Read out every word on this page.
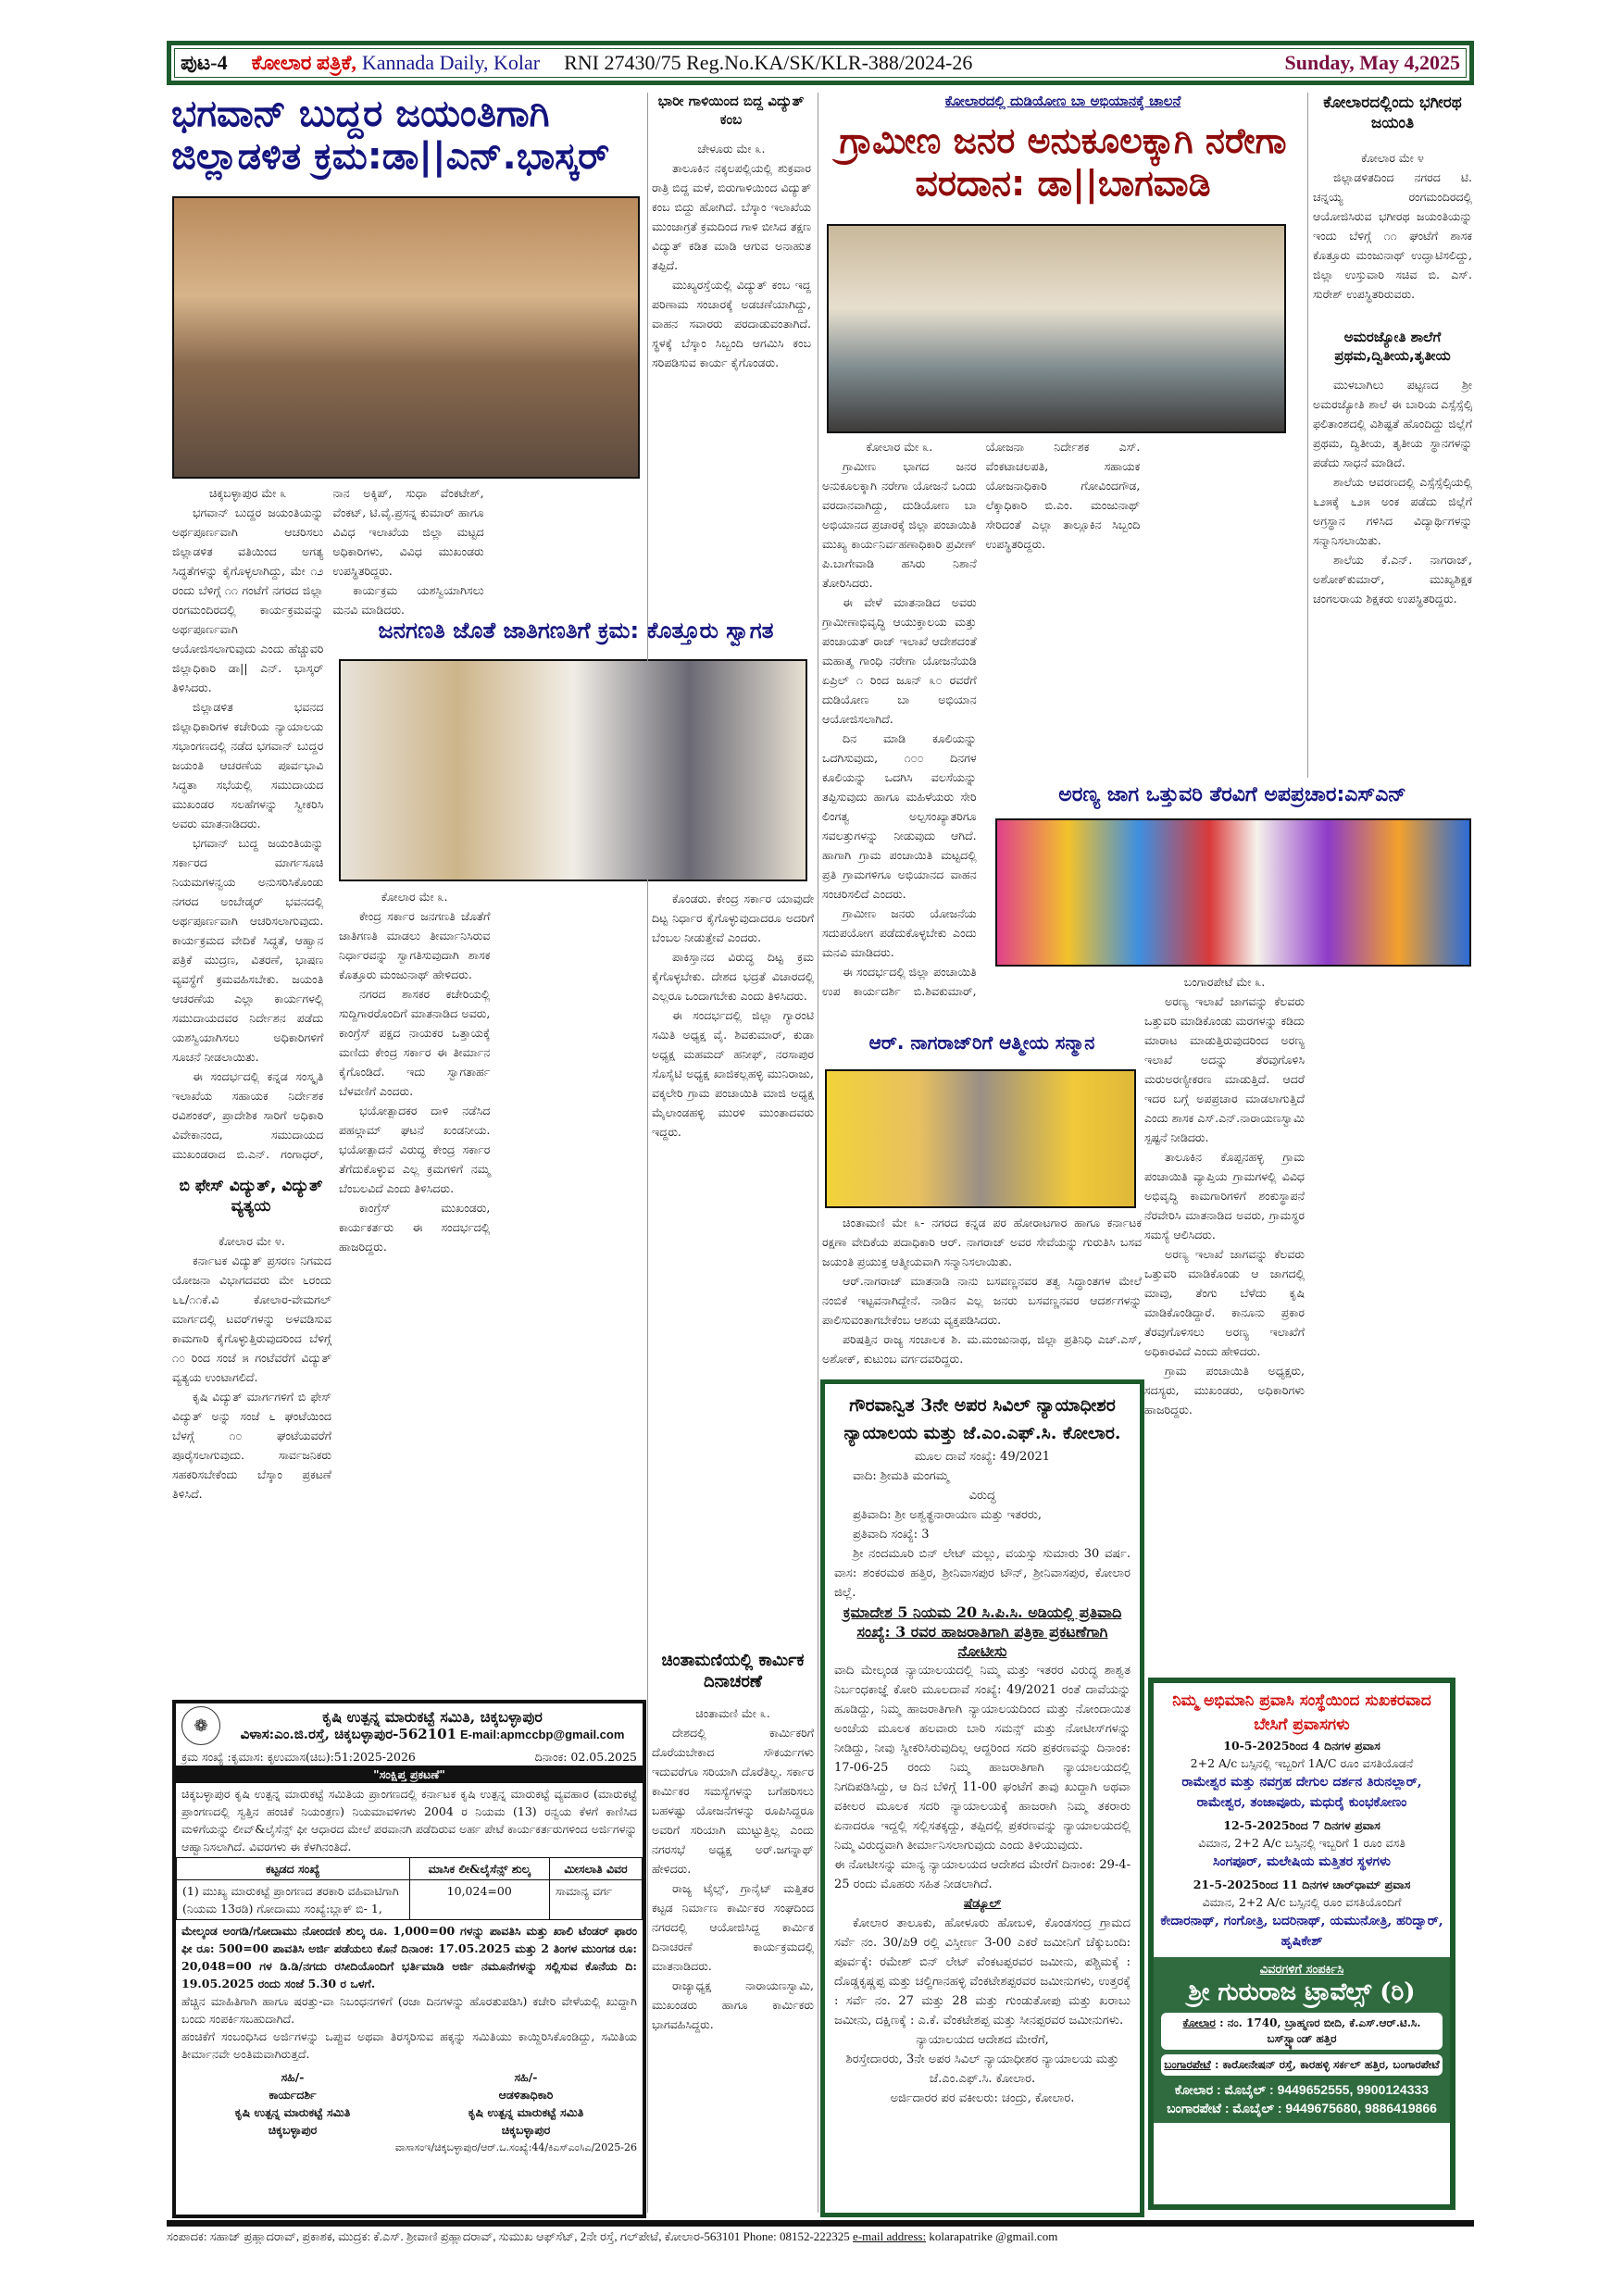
ಪುಟ-4 ಕೋಲಾರ ಪತ್ರಿಕೆ, Kannada Daily, Kolar RNI 27430/75 Reg.No.KA/SK/KLR-388/2024-26	Sunday, May 4,2025
ಭಗವಾನ್ ಬುದ್ದರ ಜಯಂತಿಗಾಗಿ ಜಿಲ್ಲಾಡಳಿತ ಕ್ರಮ:ಡಾ||ಎನ್.ಭಾಸ್ಕರ್

ಚಿಕ್ಕಬಳ್ಳಾಪುರ ಮೇ ೩

ಭಗವಾನ್ ಬುದ್ದರ ಜಯಂತಿಯನ್ನು ಅರ್ಥಪೂರ್ಣವಾಗಿ ಆಚರಿಸಲು ಜಿಲ್ಲಾಡಳಿತ ವತಿಯಿಂದ ಅಗತ್ಯ ಸಿದ್ಧತೆಗಳನ್ನು ಕೈಗೊಳ್ಳಲಾಗಿದ್ದು, ಮೇ ೧೨ ರಂದು ಬೆಳಿಗ್ಗೆ ೧೧ ಗಂಟೆಗೆ ನಗರದ ಜಿಲ್ಲಾ ರಂಗಮಂದಿರದಲ್ಲಿ ಕಾರ್ಯಕ್ರಮವನ್ನು ಅರ್ಥಪೂರ್ಣವಾಗಿ ಆಯೋಜಿಸಲಾಗುವುದು ಎಂದು ಹೆಚ್ಚುವರಿ ಜಿಲ್ಲಾಧಿಕಾರಿ ಡಾ|| ಎನ್. ಭಾಸ್ಕರ್ ತಿಳಿಸಿದರು.

ಜಿಲ್ಲಾಡಳಿತ ಭವನದ ಜಿಲ್ಲಾಧಿಕಾರಿಗಳ ಕಚೇರಿಯ ನ್ಯಾಯಾಲಯ ಸಭಾಂಗಣದಲ್ಲಿ ನಡೆದ ಭಗವಾನ್ ಬುದ್ದರ ಜಯಂತಿ ಆಚರಣೆಯ ಪೂರ್ವಭಾವಿ ಸಿದ್ಧತಾ ಸಭೆಯಲ್ಲಿ ಸಮುದಾಯದ ಮುಖಂಡರ ಸಲಹೆಗಳನ್ನು ಸ್ವೀಕರಿಸಿ ಅವರು ಮಾತನಾಡಿದರು.

ಭಗವಾನ್ ಬುದ್ದ ಜಯಂತಿಯನ್ನು ಸರ್ಕಾರದ ಮಾರ್ಗಸೂಚಿ ನಿಯಮಗಳನ್ವಯ ಅನುಸರಿಸಿಕೊಂಡು ನಗರದ ಅಂಬೇಡ್ಕರ್ ಭವನದಲ್ಲಿ ಅರ್ಥಪೂರ್ಣವಾಗಿ ಆಚರಿಸಲಾಗುವುದು. ಕಾರ್ಯಕ್ರಮದ ವೇದಿಕೆ ಸಿದ್ಧತೆ, ಆಹ್ವಾನ ಪತ್ರಿಕೆ ಮುದ್ರಣ, ವಿತರಣೆ, ಭಾಷಣ ವ್ಯವಸ್ಥೆಗೆ ಕ್ರಮವಹಿಸಬೇಕು. ಜಯಂತಿ ಆಚರಣೆಯ ಎಲ್ಲಾ ಕಾರ್ಯಗಳಲ್ಲಿ ಸಮುದಾಯದವರ ನಿರ್ದೇಶನ ಪಡೆದು ಯಶಸ್ವಿಯಾಗಿಸಲು ಅಧಿಕಾರಿಗಳಿಗೆ ಸೂಚನೆ ನೀಡಲಾಯಿತು.

ಈ ಸಂದರ್ಭದಲ್ಲಿ ಕನ್ನಡ ಸಂಸ್ಕೃತಿ ಇಲಾಖೆಯ ಸಹಾಯಕ ನಿರ್ದೇಶಕ ರವಿಶಂಕರ್, ಪ್ರಾದೇಶಿಕ ಸಾರಿಗೆ ಅಧಿಕಾರಿ ವಿವೇಕಾನಂದ, ಸಮುದಾಯದ ಮುಖಂಡರಾದ ಬಿ.ಎನ್. ಗಂಗಾಧರ್, ನಾನ ಅಕ್ಕಿಪ್, ಸುಧಾ ವೆಂಕಟೇಶ್, ವೆಂಕಟ್, ಟಿ.ವೈ.ಪ್ರಸನ್ನ ಕುಮಾರ್ ಹಾಗೂ ವಿವಿಧ ಇಲಾಖೆಯ ಜಿಲ್ಲಾ ಮಟ್ಟದ ಅಧಿಕಾರಿಗಳು, ವಿವಿಧ ಮುಖಂಡರು ಉಪಸ್ಥಿತರಿದ್ದರು.

ಕಾರ್ಯಕ್ರಮ ಯಶಸ್ವಿಯಾಗಿಸಲು ಮನವಿ ಮಾಡಿದರು.

ಭಾರೀ ಗಾಳಿಯಿಂದ ಬಿದ್ದ ವಿದ್ಯುತ್ ಕಂಬ

ಚೇಳೂರು ಮೇ ೩.

ತಾಲೂಕಿನ ನಕ್ಕಲಪಲ್ಲಿಯಲ್ಲಿ ಶುಕ್ರವಾರ ರಾತ್ರಿ ಬಿದ್ದ ಮಳೆ, ಬಿರುಗಾಳಿಯಿಂದ ವಿದ್ಯುತ್ ಕಂಬ ಬಿದ್ದು ಹೋಗಿದೆ. ಬೆಸ್ಕಾಂ ಇಲಾಖೆಯ ಮುಂಜಾಗ್ರತೆ ಕ್ರಮದಿಂದ ಗಾಳಿ ಬೀಸಿದ ತಕ್ಷಣ ವಿದ್ಯುತ್ ಕಡಿತ ಮಾಡಿ ಆಗುವ ಅನಾಹುತ ತಪ್ಪಿದೆ.

ಮುಖ್ಯರಸ್ತೆಯಲ್ಲಿ ವಿದ್ಯುತ್ ಕಂಬ ಇದ್ದ ಪರಿಣಾಮ ಸಂಚಾರಕ್ಕೆ ಅಡಚಣೆಯಾಗಿದ್ದು, ವಾಹನ ಸವಾರರು ಪರದಾಡುವಂತಾಗಿದೆ. ಸ್ಥಳಕ್ಕೆ ಬೆಸ್ಕಾಂ ಸಿಬ್ಬಂದಿ ಆಗಮಿಸಿ ಕಂಬ ಸರಿಪಡಿಸುವ ಕಾರ್ಯ ಕೈಗೊಂಡರು.

ಜನಗಣತಿ ಜೊತೆ ಜಾತಿಗಣತಿಗೆ ಕ್ರಮ: ಕೊತ್ತೂರು ಸ್ವಾಗತ

ಕೋಲಾರ ಮೇ ೩.

ಕೇಂದ್ರ ಸರ್ಕಾರ ಜನಗಣತಿ ಜೊತೆಗೆ ಜಾತಿಗಣತಿ ಮಾಡಲು ತೀರ್ಮಾನಿಸಿರುವ ನಿರ್ಧಾರವನ್ನು ಸ್ವಾಗತಿಸುವುದಾಗಿ ಶಾಸಕ ಕೊತ್ತೂರು ಮಂಜುನಾಥ್ ಹೇಳಿದರು.

ನಗರದ ಶಾಸಕರ ಕಚೇರಿಯಲ್ಲಿ ಸುದ್ದಿಗಾರರೊಂದಿಗೆ ಮಾತನಾಡಿದ ಅವರು, ಕಾಂಗ್ರೆಸ್ ಪಕ್ಷದ ನಾಯಕರ ಒತ್ತಾಯಕ್ಕೆ ಮಣಿದು ಕೇಂದ್ರ ಸರ್ಕಾರ ಈ ತೀರ್ಮಾನ ಕೈಗೊಂಡಿದೆ. ಇದು ಸ್ವಾಗತಾರ್ಹ ಬೆಳವಣಿಗೆ ಎಂದರು.

ಭಯೋತ್ಪಾದಕರ ದಾಳಿ ನಡೆಸಿದ ಪಹಲ್ಗಾಮ್ ಘಟನೆ ಖಂಡನೀಯ. ಭಯೋತ್ಪಾದನೆ ವಿರುದ್ಧ ಕೇಂದ್ರ ಸರ್ಕಾರ ತೆಗೆದುಕೊಳ್ಳುವ ಎಲ್ಲ ಕ್ರಮಗಳಿಗೆ ನಮ್ಮ ಬೆಂಬಲವಿದೆ ಎಂದು ತಿಳಿಸಿದರು.

ಕಾಂಗ್ರೆಸ್ ಮುಖಂಡರು, ಕಾರ್ಯಕರ್ತರು ಈ ಸಂದರ್ಭದಲ್ಲಿ ಹಾಜರಿದ್ದರು.

ಬಿ ಫೇಸ್ ವಿದ್ಯುತ್, ವಿದ್ಯುತ್ ವ್ಯತ್ಯಯ

ಕೋಲಾರ ಮೇ ೪.

ಕರ್ನಾಟಕ ವಿದ್ಯುತ್ ಪ್ರಸರಣ ನಿಗಮದ ಯೋಜನಾ ವಿಭಾಗದವರು ಮೇ ೬ರಂದು ೬೬/೧೧ಕೆ.ವಿ ಕೋಲಾರ-ವೇಮಗಲ್ ಮಾರ್ಗದಲ್ಲಿ ಟವರ್‌ಗಳನ್ನು ಅಳವಡಿಸುವ ಕಾಮಗಾರಿ ಕೈಗೊಳ್ಳುತ್ತಿರುವುದರಿಂದ ಬೆಳಿಗ್ಗೆ ೧೦ ರಿಂದ ಸಂಜೆ ೫ ಗಂಟೆವರೆಗೆ ವಿದ್ಯುತ್ ವ್ಯತ್ಯಯ ಉಂಟಾಗಲಿದೆ.

ಕೃಷಿ ವಿದ್ಯುತ್ ಮಾರ್ಗಗಳಿಗೆ ಬಿ ಫೇಸ್ ವಿದ್ಯುತ್ ಅನ್ನು ಸಂಜೆ ೬ ಘಂಟೆಯಿಂದ ಬೆಳಗ್ಗೆ ೧೦ ಘಂಟೆಯವರೆಗೆ ಪೂರೈಸಲಾಗುವುದು. ಸಾರ್ವಜನಿಕರು ಸಹಕರಿಸಬೇಕೆಂದು ಬೆಸ್ಕಾಂ ಪ್ರಕಟಣೆ ತಿಳಿಸಿದೆ.

ಕೋಲಾರದಲ್ಲಿ ದುಡಿಯೋಣ ಬಾ ಅಭಿಯಾನಕ್ಕೆ ಚಾಲನೆ
ಗ್ರಾಮೀಣ ಜನರ ಅನುಕೂಲಕ್ಕಾಗಿ ನರೇಗಾ ವರದಾನ: ಡಾ||ಬಾಗವಾಡಿ

ಕೋಲಾರ ಮೇ ೩.

ಗ್ರಾಮೀಣ ಭಾಗದ ಜನರ ಅನುಕೂಲಕ್ಕಾಗಿ ನರೇಗಾ ಯೋಜನೆ ಒಂದು ವರದಾನವಾಗಿದ್ದು, ದುಡಿಯೋಣ ಬಾ ಅಭಿಯಾನದ ಪ್ರಚಾರಕ್ಕೆ ಜಿಲ್ಲಾ ಪಂಚಾಯಿತಿ ಮುಖ್ಯ ಕಾರ್ಯನಿರ್ವಹಣಾಧಿಕಾರಿ ಪ್ರವೀಣ್ ಪಿ.ಬಾಗೇವಾಡಿ ಹಸಿರು ನಿಶಾನೆ ತೋರಿಸಿದರು.

ಈ ವೇಳೆ ಮಾತನಾಡಿದ ಅವರು ಗ್ರಾಮೀಣಾಭಿವೃದ್ಧಿ ಆಯುಕ್ತಾಲಯ ಮತ್ತು ಪಂಚಾಯತ್ ರಾಜ್ ಇಲಾಖೆ ಆದೇಶದಂತೆ ಮಹಾತ್ಮ ಗಾಂಧಿ ನರೇಗಾ ಯೋಜನೆಯಡಿ ಏಪ್ರಿಲ್ ೧ ರಿಂದ ಜೂನ್ ೩೦ ರವರೆಗೆ ದುಡಿಯೋಣ ಬಾ ಅಭಿಯಾನ ಆಯೋಜಿಸಲಾಗಿದೆ.

ದಿನ ಮಾಡಿ ಕೂಲಿಯನ್ನು ಒದಗಿಸುವುದು, ೧೦೦ ದಿನಗಳ ಕೂಲಿಯನ್ನು ಒದಗಿಸಿ ವಲಸೆಯನ್ನು ತಪ್ಪಿಸುವುದು ಹಾಗೂ ಮಹಿಳೆಯರು ಸೇರಿ ಲಿಂಗತ್ವ ಅಲ್ಪಸಂಖ್ಯಾತರಿಗೂ ಸವಲತ್ತುಗಳನ್ನು ನೀಡುವುದು ಆಗಿದೆ. ಹಾಗಾಗಿ ಗ್ರಾಮ ಪಂಚಾಯಿತಿ ಮಟ್ಟದಲ್ಲಿ ಪ್ರತಿ ಗ್ರಾಮಗಳಿಗೂ ಅಭಿಯಾನದ ವಾಹನ ಸಂಚರಿಸಲಿದೆ ಎಂದರು.

ಗ್ರಾಮೀಣ ಜನರು ಯೋಜನೆಯ ಸದುಪಯೋಗ ಪಡೆದುಕೊಳ್ಳಬೇಕು ಎಂದು ಮನವಿ ಮಾಡಿದರು.

ಈ ಸಂದರ್ಭದಲ್ಲಿ ಜಿಲ್ಲಾ ಪಂಚಾಯಿತಿ ಉಪ ಕಾರ್ಯದರ್ಶಿ ಬಿ.ಶಿವಕುಮಾರ್, ಯೋಜನಾ ನಿರ್ದೇಶಕ ಎಸ್. ವೆಂಕಟಾಚಲಪತಿ, ಸಹಾಯಕ ಯೋಜನಾಧಿಕಾರಿ ಗೋವಿಂದಗೌಡ, ಲೆಕ್ಕಾಧಿಕಾರಿ ಬಿ.ಎಂ. ಮಂಜುನಾಥ್ ಸೇರಿದಂತೆ ಎಲ್ಲಾ ತಾಲ್ಲೂಕಿನ ಸಿಬ್ಬಂದಿ ಉಪಸ್ಥಿತರಿದ್ದರು.

ಕೋಲಾರದಲ್ಲಿಂದು ಭಗೀರಥ ಜಯಂತಿ

ಕೋಲಾರ ಮೇ ೪

ಜಿಲ್ಲಾಡಳಿತದಿಂದ ನಗರದ ಟಿ. ಚನ್ನಯ್ಯ ರಂಗಮಂದಿರದಲ್ಲಿ ಆಯೋಜಿಸಿರುವ ಭಗೀರಥ ಜಯಂತಿಯನ್ನು ಇಂದು ಬೆಳಿಗ್ಗೆ ೧೧ ಘಂಟೆಗೆ ಶಾಸಕ ಕೊತ್ತೂರು ಮಂಜುನಾಥ್ ಉದ್ಘಾಟಿಸಲಿದ್ದು, ಜಿಲ್ಲಾ ಉಸ್ತುವಾರಿ ಸಚಿವ ಬಿ. ಎಸ್. ಸುರೇಶ್ ಉಪಸ್ಥಿತರಿರುವರು.

ಅಮರಜ್ಯೋತಿ ಶಾಲೆಗೆ ಪ್ರಥಮ,ದ್ವಿತೀಯ,ತೃತೀಯ

ಮುಳಬಾಗಿಲು ಪಟ್ಟಣದ ಶ್ರೀ ಅಮರಜ್ಯೋತಿ ಶಾಲೆ ಈ ಬಾರಿಯ ಎಸ್ಸೆಸ್ಸೆಲ್ಸಿ ಫಲಿತಾಂಶದಲ್ಲಿ ವಿಶಿಷ್ಟತೆ ಹೊಂದಿದ್ದು ಜಿಲ್ಲೆಗೆ ಪ್ರಥಮ, ದ್ವಿತೀಯ, ತೃತೀಯ ಸ್ಥಾನಗಳನ್ನು ಪಡೆದು ಸಾಧನೆ ಮಾಡಿದೆ.

ಶಾಲೆಯ ಆವರಣದಲ್ಲಿ ಎಸ್ಸೆಸ್ಸೆಲ್ಸಿಯಲ್ಲಿ ೬೨೫ಕ್ಕೆ ೬೨೫ ಅಂಕ ಪಡೆದು ಜಿಲ್ಲೆಗೆ ಅಗ್ರಸ್ಥಾನ ಗಳಿಸಿದ ವಿದ್ಯಾರ್ಥಿಗಳನ್ನು ಸನ್ಮಾನಿಸಲಾಯಿತು.

ಶಾಲೆಯ ಕೆ.ಎನ್. ನಾಗರಾಜ್, ಅಶೋಕ್‌ಕುಮಾರ್, ಮುಖ್ಯಶಿಕ್ಷಕ ಚಂಗಲರಾಯ ಶಿಕ್ಷಕರು ಉಪಸ್ಥಿತರಿದ್ದರು.

ಅರಣ್ಯ ಜಾಗ ಒತ್ತುವರಿ ತೆರವಿಗೆ ಅಪಪ್ರಚಾರ:ಎಸ್ಎನ್

ಬಂಗಾರಪೇಟೆ ಮೇ ೩.

ಅರಣ್ಯ ಇಲಾಖೆ ಜಾಗವನ್ನು ಕೆಲವರು ಒತ್ತುವರಿ ಮಾಡಿಕೊಂಡು ಮರಗಳನ್ನು ಕಡಿದು ಮಾರಾಟ ಮಾಡುತ್ತಿರುವುದರಿಂದ ಅರಣ್ಯ ಇಲಾಖೆ ಅದನ್ನು ತೆರವುಗೊಳಿಸಿ ಮರುಅರಣ್ಯೀಕರಣ ಮಾಡುತ್ತಿದೆ. ಆದರೆ ಇದರ ಬಗ್ಗೆ ಅಪಪ್ರಚಾರ ಮಾಡಲಾಗುತ್ತಿದೆ ಎಂದು ಶಾಸಕ ಎಸ್.ಎನ್.ನಾರಾಯಣಸ್ವಾಮಿ ಸ್ಪಷ್ಟನೆ ನೀಡಿದರು.

ತಾಲೂಕಿನ ಕೊಪ್ಪನಹಳ್ಳಿ ಗ್ರಾಮ ಪಂಚಾಯಿತಿ ವ್ಯಾಪ್ತಿಯ ಗ್ರಾಮಗಳಲ್ಲಿ ವಿವಿಧ ಅಭಿವೃದ್ಧಿ ಕಾಮಗಾರಿಗಳಿಗೆ ಶಂಕುಸ್ಥಾಪನೆ ನೆರವೇರಿಸಿ ಮಾತನಾಡಿದ ಅವರು, ಗ್ರಾಮಸ್ಥರ ಸಮಸ್ಯೆ ಆಲಿಸಿದರು.

ಅರಣ್ಯ ಇಲಾಖೆ ಜಾಗವನ್ನು ಕೆಲವರು ಒತ್ತುವರಿ ಮಾಡಿಕೊಂಡು ಆ ಜಾಗದಲ್ಲಿ ಮಾವು, ತೆಂಗು ಬೆಳೆದು ಕೃಷಿ ಮಾಡಿಕೊಂಡಿದ್ದಾರೆ. ಕಾನೂನು ಪ್ರಕಾರ ತೆರವುಗೊಳಿಸಲು ಅರಣ್ಯ ಇಲಾಖೆಗೆ ಅಧಿಕಾರವಿದೆ ಎಂದು ಹೇಳಿದರು.

ಗ್ರಾಮ ಪಂಚಾಯಿತಿ ಅಧ್ಯಕ್ಷರು, ಸದಸ್ಯರು, ಮುಖಂಡರು, ಅಧಿಕಾರಿಗಳು ಹಾಜರಿದ್ದರು.

ಆರ್. ನಾಗರಾಜ್‌ರಿಗೆ ಆತ್ಮೀಯ ಸನ್ಮಾನ

ಚಿಂತಾಮಣಿ ಮೇ ೩- ನಗರದ ಕನ್ನಡ ಪರ ಹೋರಾಟಗಾರ ಹಾಗೂ ಕರ್ನಾಟಕ ರಕ್ಷಣಾ ವೇದಿಕೆಯ ಪದಾಧಿಕಾರಿ ಆರ್. ನಾಗರಾಜ್ ಅವರ ಸೇವೆಯನ್ನು ಗುರುತಿಸಿ ಬಸವ ಜಯಂತಿ ಪ್ರಯುಕ್ತ ಆತ್ಮೀಯವಾಗಿ ಸನ್ಮಾನಿಸಲಾಯಿತು.

ಆರ್.ನಾಗರಾಜ್ ಮಾತನಾಡಿ ನಾನು ಬಸವಣ್ಣನವರ ತತ್ವ ಸಿದ್ಧಾಂತಗಳ ಮೇಲೆ ನಂಬಿಕೆ ಇಟ್ಟವನಾಗಿದ್ದೇನೆ. ನಾಡಿನ ಎಲ್ಲ ಜನರು ಬಸವಣ್ಣನವರ ಆದರ್ಶಗಳನ್ನು ಪಾಲಿಸುವಂತಾಗಬೇಕೆಂಬ ಆಶಯ ವ್ಯಕ್ತಪಡಿಸಿದರು.

ಪರಿಷತ್ತಿನ ರಾಜ್ಯ ಸಂಚಾಲಕ ಶಿ. ಮ.ಮಂಜುನಾಥ, ಜಿಲ್ಲಾ ಪ್ರತಿನಿಧಿ ಎಚ್.ಎಸ್, ಅಶೋಕ್, ಕುಟುಂಬ ವರ್ಗದವರಿದ್ದರು.

ಕೊಂಡರು. ಕೇಂದ್ರ ಸರ್ಕಾರ ಯಾವುದೇ ದಿಟ್ಟ ನಿರ್ಧಾರ ಕೈಗೊಳ್ಳುವುದಾದರೂ ಅದರಿಗೆ ಬೆಂಬಲ ನೀಡುತ್ತೇವೆ ಎಂದರು.

ಪಾಕಿಸ್ತಾನದ ವಿರುದ್ಧ ದಿಟ್ಟ ಕ್ರಮ ಕೈಗೊಳ್ಳಬೇಕು. ದೇಶದ ಭದ್ರತೆ ವಿಚಾರದಲ್ಲಿ ಎಲ್ಲರೂ ಒಂದಾಗಬೇಕು ಎಂದು ತಿಳಿಸಿದರು.

ಈ ಸಂದರ್ಭದಲ್ಲಿ ಜಿಲ್ಲಾ ಗ್ಯಾರಂಟಿ ಸಮಿತಿ ಅಧ್ಯಕ್ಷ ವೈ. ಶಿವಕುಮಾರ್, ಕುಡಾ ಅಧ್ಯಕ್ಷ ಮಹಮದ್ ಹನೀಫ್, ನರಸಾಪುರ ಸೊಸೈಟಿ ಅಧ್ಯಕ್ಷ ಖಾಜಿಕಲ್ಲಹಳ್ಳಿ ಮುನಿರಾಜು, ವಕ್ಕಲೇರಿ ಗ್ರಾಮ ಪಂಚಾಯಿತಿ ಮಾಜಿ ಅಧ್ಯಕ್ಷ ಮೈಲಾಂಡಹಳ್ಳಿ ಮುರಳಿ ಮುಂತಾದವರು ಇದ್ದರು.

ಚಿಂತಾಮಣಿಯಲ್ಲಿ ಕಾರ್ಮಿಕ ದಿನಾಚರಣೆ

ಚಿಂತಾಮಣಿ ಮೇ ೩.

ದೇಶದಲ್ಲಿ ಕಾರ್ಮಿಕರಿಗೆ ದೊರೆಯಬೇಕಾದ ಸೌಕರ್ಯಗಳು ಇದುವರೆಗೂ ಸರಿಯಾಗಿ ದೊರೆತಿಲ್ಲ. ಸರ್ಕಾರ ಕಾರ್ಮಿಕರ ಸಮಸ್ಯೆಗಳನ್ನು ಬಗೆಹರಿಸಲು ಬಹಳಷ್ಟು ಯೋಜನೆಗಳನ್ನು ರೂಪಿಸಿದ್ದರೂ ಅವರಿಗೆ ಸರಿಯಾಗಿ ಮುಟ್ಟುತ್ತಿಲ್ಲ ಎಂದು ನಗರಸಭೆ ಅಧ್ಯಕ್ಷ ಅರ್.ಜಗನ್ನಾಥ್ ಹೇಳಿದರು.

ರಾಜ್ಯ ಟೈಲ್ಸ್, ಗ್ರಾನೈಟ್ ಮತ್ತಿತರ ಕಟ್ಟಡ ನಿರ್ಮಾಣ ಕಾರ್ಮಿಕರ ಸಂಘದಿಂದ ನಗರದಲ್ಲಿ ಆಯೋಜಿಸಿದ್ದ ಕಾರ್ಮಿಕ ದಿನಾಚರಣೆ ಕಾರ್ಯಕ್ರಮದಲ್ಲಿ ಮಾತನಾಡಿದರು.

ರಾಜ್ಯಾಧ್ಯಕ್ಷ ನಾರಾಯಣಸ್ವಾಮಿ, ಮುಖಂಡರು ಹಾಗೂ ಕಾರ್ಮಿಕರು ಭಾಗವಹಿಸಿದ್ದರು.

ಗೌರವಾನ್ವಿತ 3ನೇ ಅಪರ ಸಿವಿಲ್ ನ್ಯಾಯಾಧೀಶರ ನ್ಯಾಯಾಲಯ ಮತ್ತು ಜೆ.ಎಂ.ಎಫ್.ಸಿ. ಕೋಲಾರ.
ಮೂಲ ದಾವೆ ಸಂಖ್ಯೆ: 49/2021
ವಾದಿ: ಶ್ರೀಮತಿ ಮಂಗಮ್ಮ
ವಿರುದ್ಧ
ಪ್ರತಿವಾದಿ: ಶ್ರೀ ಅಶ್ವತ್ಥನಾರಾಯಣ ಮತ್ತು ಇತರರು,
ಪ್ರತಿವಾದಿ ಸಂಖ್ಯೆ: 3

ಶ್ರೀ ನಂದಮೂರಿ ಬಿನ್ ಲೇಟ್ ಮಲ್ಲು, ವಯಸ್ಸು ಸುಮಾರು 30 ವರ್ಷ. ವಾಸ: ಶಂಕರಮಠ ಹತ್ತಿರ, ಶ್ರೀನಿವಾಸಪುರ ಟೌನ್, ಶ್ರೀನಿವಾಸಪುರ, ಕೋಲಾರ ಜಿಲ್ಲೆ.

ಕ್ರಮಾದೇಶ 5 ನಿಯಮ 20 ಸಿ.ಪಿ.ಸಿ. ಅಡಿಯಲ್ಲಿ ಪ್ರತಿವಾದಿ ಸಂಖ್ಯೆ: 3 ರವರ ಹಾಜರಾತಿಗಾಗಿ ಪತ್ರಿಕಾ ಪ್ರಕಟಣೆಗಾಗಿ ನೋಟೀಸು

ವಾದಿ ಮೇಲ್ಕಂಡ ನ್ಯಾಯಾಲಯದಲ್ಲಿ ನಿಮ್ಮ ಮತ್ತು ಇತರರ ವಿರುದ್ಧ ಶಾಶ್ವತ ನಿರ್ಬಂಧಕಾಜ್ಞೆ ಕೋರಿ ಮೂಲದಾವೆ ಸಂಖ್ಯೆ: 49/2021 ರಂತೆ ದಾವೆಯನ್ನು ಹೂಡಿದ್ದು, ನಿಮ್ಮ ಹಾಜರಾತಿಗಾಗಿ ನ್ಯಾಯಾಲಯದಿಂದ ಮತ್ತು ನೋಂದಾಯಿತ ಅಂಚೆಯ ಮೂಲಕ ಹಲವಾರು ಬಾರಿ ಸಮನ್ಸ್ ಮತ್ತು ನೋಟೀಸ್‌ಗಳನ್ನು ನೀಡಿದ್ದು, ನೀವು ಸ್ವೀಕರಿಸಿರುವುದಿಲ್ಲ ಆದ್ದರಿಂದ ಸದರಿ ಪ್ರಕರಣವನ್ನು ದಿನಾಂಕ: 17-06-25 ರಂದು ನಿಮ್ಮ ಹಾಜರಾತಿಗಾಗಿ ನ್ಯಾಯಾಲಯದಲ್ಲಿ ನಿಗದಿಪಡಿಸಿದ್ದು, ಆ ದಿನ ಬೆಳಿಗ್ಗೆ 11-00 ಘಂಟೆಗೆ ತಾವು ಖುದ್ದಾಗಿ ಅಥವಾ ವಕೀಲರ ಮೂಲಕ ಸದರಿ ನ್ಯಾಯಾಲಯಕ್ಕೆ ಹಾಜರಾಗಿ ನಿಮ್ಮ ತಕರಾರು ಏನಾದರೂ ಇದ್ದಲ್ಲಿ ಸಲ್ಲಿಸತಕ್ಕದ್ದು, ತಪ್ಪಿದಲ್ಲಿ ಪ್ರಕರಣವನ್ನು ನ್ಯಾಯಾಲಯದಲ್ಲಿ ನಿಮ್ಮ ವಿರುದ್ಧವಾಗಿ ತೀರ್ಮಾನಿಸಲಾಗುವುದು ಎಂದು ತಿಳಿಯುವುದು.

ಈ ನೋಟೀಸನ್ನು ಮಾನ್ಯ ನ್ಯಾಯಾಲಯದ ಆದೇಶದ ಮೇರೆಗೆ ದಿನಾಂಕ: 29-4-25 ರಂದು ಮೊಹರು ಸಹಿತ ನೀಡಲಾಗಿದೆ.

ಷೆಡ್ಯೂಲ್

ಕೋಲಾರ ತಾಲೂಕು, ಹೋಳೂರು ಹೋಬಳಿ, ಕೊಂಡಸಂದ್ರ ಗ್ರಾಮದ ಸರ್ವೆ ನಂ. 30/ಪಿ9 ರಲ್ಲಿ ವಿಸ್ತೀರ್ಣ 3-00 ಎಕರೆ ಜಮೀನಿಗೆ ಚೆಕ್ಕುಬಂದಿ: ಪೂರ್ವಕ್ಕೆ: ರಮೇಶ್ ಬಿನ್ ಲೇಟ್ ವೆಂಕಟಪ್ಪರವರ ಜಮೀನು, ಪಶ್ಚಿಮಕ್ಕೆ : ದೊಡ್ಡಕೃಷ್ಣಪ್ಪ ಮತ್ತು ಚಲ್ದಿಗಾನಹಳ್ಳಿ ವೆಂಕಟೇಶಪ್ಪರವರ ಜಮೀನುಗಳು, ಉತ್ತರಕ್ಕೆ : ಸರ್ವೆ ನಂ. 27 ಮತ್ತು 28 ಮತ್ತು ಗುಂಡುತೋಪು ಮತ್ತು ಖರಾಬು ಜಮೀನು, ದಕ್ಷಿಣಕ್ಕೆ : ಎ.ಕೆ. ವೆಂಕಟೇಶಪ್ಪ ಮತ್ತು ಸೀನಪ್ಪರವರ ಜಮೀನುಗಳು.

ನ್ಯಾಯಾಲಯದ ಆದೇಶದ ಮೇರೆಗೆ,
ಶಿರಸ್ತೇದಾರರು, 3ನೇ ಅಪರ ಸಿವಿಲ್ ನ್ಯಾಯಾಧೀಶರ ನ್ಯಾಯಾಲಯ ಮತ್ತು ಜೆ.ಎಂ.ಎಫ್.ಸಿ. ಕೋಲಾರ.
ಅರ್ಜಿದಾರರ ಪರ ವಕೀಲರು: ಚಂದ್ರು, ಕೋಲಾರ.
❁	ಕೃಷಿ ಉತ್ಪನ್ನ ಮಾರುಕಟ್ಟೆ ಸಮಿತಿ, ಚಿಕ್ಕಬಳ್ಳಾಪುರ
ವಿಳಾಸ:ಎಂ.ಜಿ.ರಸ್ತೆ, ಚಿಕ್ಕಬಳ್ಳಾಪುರ-562101 E-mail:apmccbp@gmail.com
ಕ್ರಮ ಸಂಖ್ಯೆ :ಕೃಮಾಸ: ಕೃಉಮಾಸ(ಚಿಬ):51:2025-2026	ದಿನಾಂಕ: 02.05.2025
"ಸಂಕ್ಷಿಪ್ತ ಪ್ರಕಟಣೆ"
ಚಿಕ್ಕಬಳ್ಳಾಪುರ ಕೃಷಿ ಉತ್ಪನ್ನ ಮಾರುಕಟ್ಟೆ ಸಮಿತಿಯ ಪ್ರಾಂಗಣದಲ್ಲಿ ಕರ್ನಾಟಕ ಕೃಷಿ ಉತ್ಪನ್ನ ಮಾರುಕಟ್ಟೆ ವ್ಯವಹಾರ (ಮಾರುಕಟ್ಟೆ ಪ್ರಾಂಗಣದಲ್ಲಿ ಸ್ವತ್ತಿನ ಹಂಚಿಕೆ ನಿಯಂತ್ರಣ) ನಿಯಮಾವಳಿಗಳು 2004 ರ ನಿಯಮ (13) ರನ್ವಯ ಕೆಳಗೆ ಕಾಣಿಸಿದ ಮಳಿಗೆಯನ್ನು ಲೀವ್&ಲೈಸೆನ್ಸ್ ಫೀ ಆಧಾರದ ಮೇಲೆ ಪರವಾನಗಿ ಪಡೆದಿರುವ ಅರ್ಹ ಪೇಟೆ ಕಾರ್ಯಕರ್ತರುಗಳಿಂದ ಅರ್ಜಿಗಳನ್ನು ಆಹ್ವಾನಿಸಲಾಗಿದೆ. ವಿವರಗಳು ಈ ಕೆಳಗಿನಂತಿದೆ.
ಕಟ್ಟಡದ ಸಂಖ್ಯೆ	ಮಾಸಿಕ ಲೀ&ಲೈಸೆನ್ಸ್ ಶುಲ್ಕ	ಮೀಸಲಾತಿ ವಿವರ
(1) ಮುಖ್ಯ ಮಾರುಕಟ್ಟೆ ಪ್ರಾಂಗಣದ ತರಕಾರಿ ವಹಿವಾಟಿಗಾಗಿ (ನಿಯಮ 13ರಡಿ) ಗೋದಾಮು ಸಂಖ್ಯೆ:ಬ್ಲಾಕ್ ಬಿ- 1,	10,024=00	ಸಾಮಾನ್ಯ ವರ್ಗ
ಮೇಲ್ಕಂಡ ಅಂಗಡಿ/ಗೋದಾಮು ನೋಂದಣಿ ಶುಲ್ಕ ರೂ. 1,000=00 ಗಳನ್ನು ಪಾವತಿಸಿ ಮತ್ತು ಖಾಲಿ ಟೆಂಡರ್ ಫಾರಂ ಫೀ ರೂ: 500=00 ಪಾವತಿಸಿ ಅರ್ಜಿ ಪಡೆಯಲು ಕೊನೆ ದಿನಾಂಕ: 17.05.2025 ಮತ್ತು 2 ತಿಂಗಳ ಮುಂಗಡ ರೂ: 20,048=00 ಗಳ ಡಿ.ಡಿ/ನಗದು ರಸೀದಿಯೊಂದಿಗೆ ಭರ್ತಿಮಾಡಿ ಅರ್ಜಿ ನಮೂನೆಗಳನ್ನು ಸಲ್ಲಿಸುವ ಕೊನೆಯ ದಿ: 19.05.2025 ರಂದು ಸಂಜೆ 5.30 ರ ಒಳಗೆ.
ಹೆಚ್ಚಿನ ಮಾಹಿತಿಗಾಗಿ ಹಾಗೂ ಷರತ್ತು-ವಾ ನಿಬಂಧನಗಳಿಗೆ (ರಜಾ ದಿನಗಳನ್ನು ಹೊರತುಪಡಿಸಿ) ಕಚೇರಿ ವೇಳೆಯಲ್ಲಿ ಖುದ್ದಾಗಿ ಬಂದು ಸಂಪರ್ಕಿಸಬಹುದಾಗಿದೆ.
ಹಂಚಿಕೆಗೆ ಸಂಬಂಧಿಸಿದ ಅರ್ಜಿಗಳನ್ನು ಒಪ್ಪುವ ಅಥವಾ ತಿರಸ್ಕರಿಸುವ ಹಕ್ಕನ್ನು ಸಮಿತಿಯು ಕಾಯ್ದಿರಿಸಿಕೊಂಡಿದ್ದು, ಸಮಿತಿಯ ತೀರ್ಮಾನವೇ ಅಂತಿಮವಾಗಿರುತ್ತದೆ.
ಸಹಿ/-
ಕಾರ್ಯದರ್ಶಿ
ಕೃಷಿ ಉತ್ಪನ್ನ ಮಾರುಕಟ್ಟೆ ಸಮಿತಿ
ಚಿಕ್ಕಬಳ್ಳಾಪುರ
ಸಹಿ/-
ಆಡಳಿತಾಧಿಕಾರಿ
ಕೃಷಿ ಉತ್ಪನ್ನ ಮಾರುಕಟ್ಟೆ ಸಮಿತಿ
ಚಿಕ್ಕಬಳ್ಳಾಪುರ
ವಾಸಾಸಂಇ/ಚಿಕ್ಕಬಳ್ಳಾಪುರ/ಆರ್.ಒ.ಸಂಖ್ಯೆ:44/ಕಿಎಸ್‌ಎಂಸಿಎ/2025-26
ನಿಮ್ಮ ಅಭಿಮಾನಿ ಪ್ರವಾಸಿ ಸಂಸ್ಥೆಯಿಂದ ಸುಖಕರವಾದ ಬೇಸಿಗೆ ಪ್ರವಾಸಗಳು
10-5-2025ರಿಂದ 4 ದಿನಗಳ ಪ್ರವಾಸ
2+2 A/c ಬಸ್ಸಿನಲ್ಲಿ ಇಬ್ಬರಿಗೆ 1A/C ರೂಂ ವಸತಿಯೊಡನೆ
ರಾಮೇಶ್ವರ ಮತ್ತು ನವಗ್ರಹ ದೇಗುಲ ದರ್ಶನ ತಿರುನಲ್ಲಾರ್, ರಾಮೇಶ್ವರ, ತಂಜಾವೂರು, ಮಧುರೈ ಕುಂಭಕೋಣಂ
12-5-2025ರಿಂದ 7 ದಿನಗಳ ಪ್ರವಾಸ
ವಿಮಾನ, 2+2 A/c ಬಸ್ಸಿನಲ್ಲಿ ಇಬ್ಬರಿಗೆ 1 ರೂಂ ವಸತಿ
ಸಿಂಗಪೂರ್, ಮಲೇಷಿಯ ಮತ್ತಿತರ ಸ್ಥಳಗಳು
21-5-2025ರಿಂದ 11 ದಿನಗಳ ಚಾರ್‌ಧಾಮ್ ಪ್ರವಾಸ
ವಿಮಾನ, 2+2 A/c ಬಸ್ಸಿನಲ್ಲಿ ರೂಂ ವಸತಿಯೊಂದಿಗೆ
ಕೇದಾರನಾಥ್, ಗಂಗೋತ್ರಿ, ಬದರಿನಾಥ್, ಯಮುನೋತ್ರಿ, ಹರಿದ್ವಾರ್, ಹೃಷಿಕೇಶ್
ವಿವರಗಳಿಗೆ ಸಂಪರ್ಕಿಸಿ
ಶ್ರೀ ಗುರುರಾಜ ಟ್ರಾವೆಲ್ಸ್ (ರಿ)
ಕೋಲಾರ : ನಂ. 1740, ಬ್ರಾಹ್ಮಣರ ಬೀದಿ, ಕೆ.ಎಸ್.ಆರ್.ಟಿ.ಸಿ. ಬಸ್‌ಸ್ಟ್ಯಾಂಡ್ ಹತ್ತಿರ
ಬಂಗಾರಪೇಟೆ : ಕಾರೋನೇಷನ್ ರಸ್ತೆ, ಕಾರಹಳ್ಳಿ ಸರ್ಕಲ್ ಹತ್ತಿರ, ಬಂಗಾರಪೇಟೆ
ಕೋಲಾರ : ಮೊಬೈಲ್ : 9449652555, 9900124333
ಬಂಗಾರಪೇಟೆ : ಮೊಬೈಲ್ : 9449675680, 9886419866
ಸಂಪಾದಕ: ಸಹಾಜ್ ಪ್ರಹ್ಲಾದರಾವ್, ಪ್ರಕಾಶಕ, ಮುದ್ರಕ: ಕೆ.ಎಸ್. ಶ್ರೀವಾಣಿ ಪ್ರಹ್ಲಾದರಾವ್, ಸುಮುಖ ಆಫ್‌ಸೆಟ್, 2ನೇ ರಸ್ತೆ, ಗಲ್‌ಪೇಟೆ, ಕೋಲಾರ-563101 Phone: 08152-222325 e-mail address: kolarapatrike @gmail.com
